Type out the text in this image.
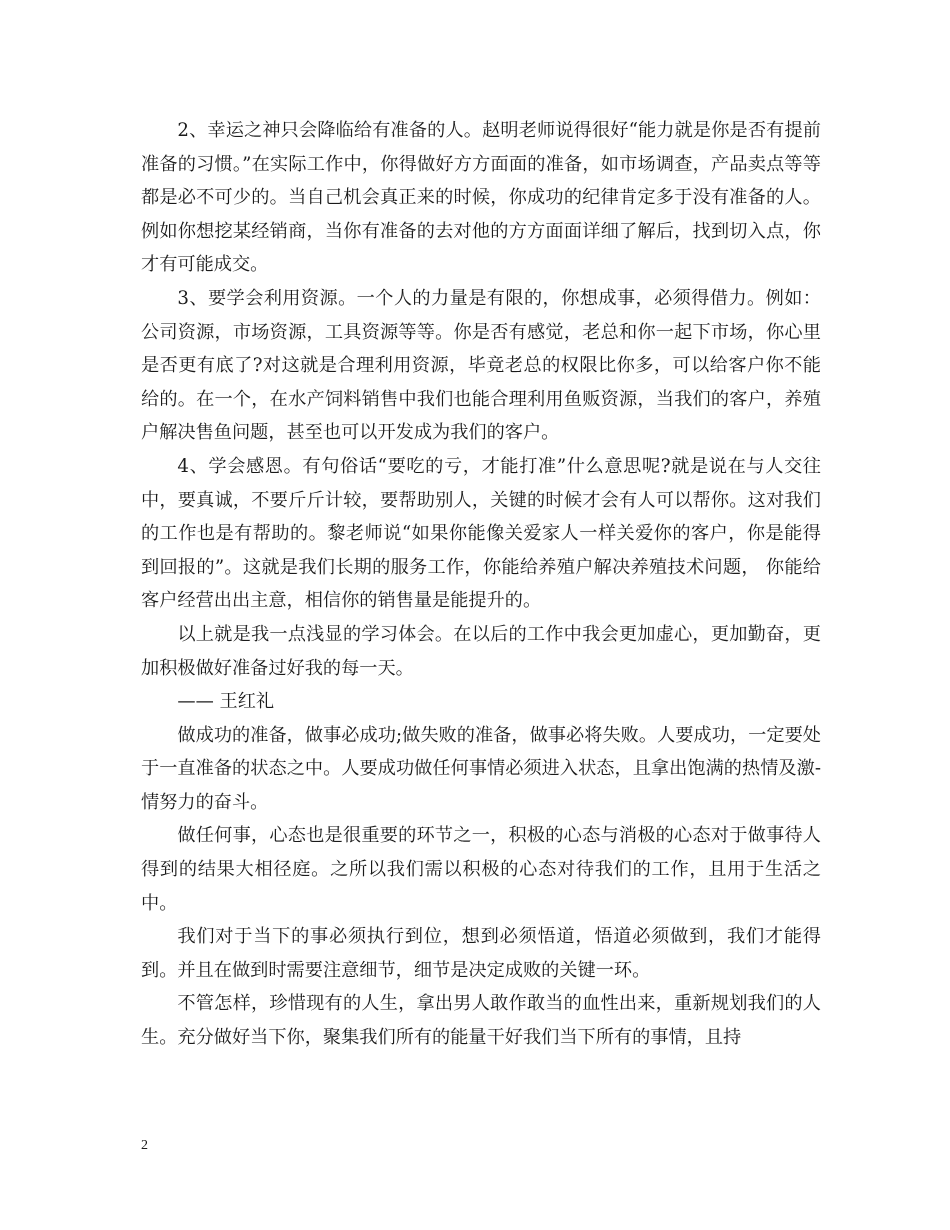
2、幸运之神只会降临给有准备的人。赵明老师说得很好“能力就是你是否有提前准备的习惯。”在实际工作中，你得做好方方面面的准备，如市场调查，产品卖点等等都是必不可少的。当自己机会真正来的时候，你成功的纪律肯定多于没有准备的人。例如你想挖某经销商，当你有准备的去对他的方方面面详细了解后，找到切入点，你才有可能成交。

3、要学会利用资源。一个人的力量是有限的，你想成事，必须得借力。例如：公司资源，市场资源，工具资源等等。你是否有感觉，老总和你一起下市场，你心里是否更有底了?对这就是合理利用资源，毕竟老总的权限比你多，可以给客户你不能给的。在一个，在水产饲料销售中我们也能合理利用鱼贩资源，当我们的客户，养殖户解决售鱼问题，甚至也可以开发成为我们的客户。

4、学会感恩。有句俗话“要吃的亏，才能打准”什么意思呢?就是说在与人交往中，要真诚，不要斤斤计较，要帮助别人，关键的时候才会有人可以帮你。这对我们的工作也是有帮助的。黎老师说“如果你能像关爱家人一样关爱你的客户，你是能得到回报的”。这就是我们长期的服务工作，你能给养殖户解决养殖技术问题， 你能给客户经营出出主意，相信你的销售量是能提升的。

以上就是我一点浅显的学习体会。在以后的工作中我会更加虚心，更加勤奋，更加积极做好准备过好我的每一天。

—— 王红礼

做成功的准备，做事必成功;做失败的准备，做事必将失败。人要成功，一定要处于一直准备的状态之中。人要成功做任何事情必须进入状态，且拿出饱满的热情及激-情努力的奋斗。

做任何事，心态也是很重要的环节之一，积极的心态与消极的心态对于做事待人得到的结果大相径庭。之所以我们需以积极的心态对待我们的工作，且用于生活之中。

我们对于当下的事必须执行到位，想到必须悟道，悟道必须做到，我们才能得到。并且在做到时需要注意细节，细节是决定成败的关键一环。

不管怎样，珍惜现有的人生，拿出男人敢作敢当的血性出来，重新规划我们的人生。充分做好当下你，聚集我们所有的能量干好我们当下所有的事情，且持

2
